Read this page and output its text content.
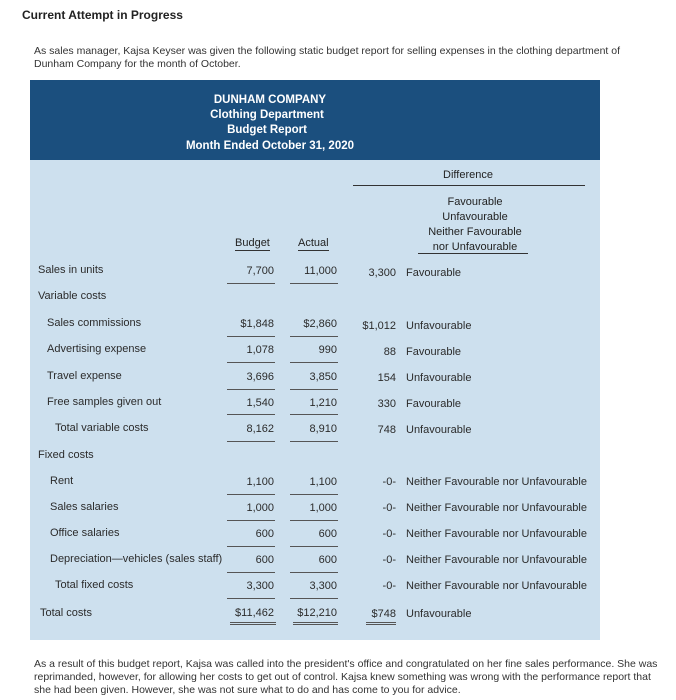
Current Attempt in Progress
As sales manager, Kajsa Keyser was given the following static budget report for selling expenses in the clothing department of Dunham Company for the month of October.
DUNHAM COMPANY
Clothing Department
Budget Report
Month Ended October 31, 2020
Difference
Favourable
Unfavourable
Neither Favourable
nor Unfavourable
Budget	Actual
Sales in units	7,700	11,000	3,300 Favourable
Variable costs
Sales commissions	$1,848	$2,860	$1,012 Unfavourable
Advertising expense	1,078	990	88 Favourable
Travel expense	3,696	3,850	154 Unfavourable
Free samples given out	1,540	1,210	330 Favourable
Total variable costs	8,162	8,910	748 Unfavourable
Fixed costs
Rent	1,100	1,100	-0- Neither Favourable nor Unfavourable
Sales salaries	1,000	1,000	-0- Neither Favourable nor Unfavourable
Office salaries	600	600	-0- Neither Favourable nor Unfavourable
Depreciation—vehicles (sales staff)	600	600	-0- Neither Favourable nor Unfavourable
Total fixed costs	3,300	3,300	-0- Neither Favourable nor Unfavourable
Total costs	$11,462	$12,210	$748 Unfavourable
As a result of this budget report, Kajsa was called into the president's office and congratulated on her fine sales performance. She was reprimanded, however, for allowing her costs to get out of control. Kajsa knew something was wrong with the performance report that she had been given. However, she was not sure what to do and has come to you for advice.
